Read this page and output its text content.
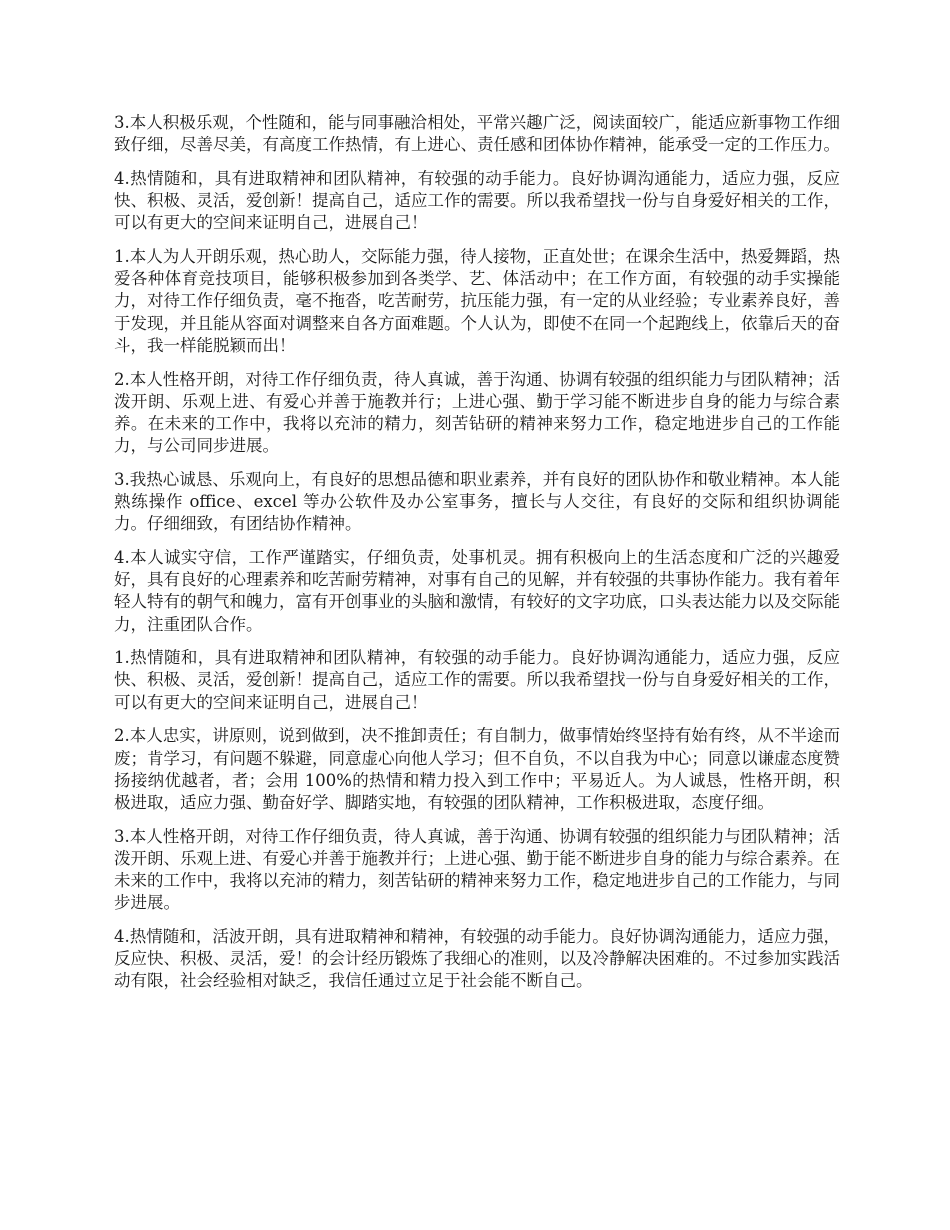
3.本人积极乐观，个性随和，能与同事融洽相处，平常兴趣广泛，阅读面较广，能适应新事物工作细致仔细，尽善尽美，有高度工作热情，有上进心、责任感和团体协作精神，能承受一定的工作压力。

4.热情随和，具有进取精神和团队精神，有较强的动手能力。良好协调沟通能力，适应力强，反应快、积极、灵活，爱创新！提高自己，适应工作的需要。所以我希望找一份与自身爱好相关的工作，可以有更大的空间来证明自己，进展自己！

1.本人为人开朗乐观，热心助人，交际能力强，待人接物，正直处世；在课余生活中，热爱舞蹈，热爱各种体育竞技项目，能够积极参加到各类学、艺、体活动中；在工作方面，有较强的动手实操能力，对待工作仔细负责，毫不拖沓，吃苦耐劳，抗压能力强，有一定的从业经验；专业素养良好，善于发现，并且能从容面对调整来自各方面难题。个人认为，即使不在同一个起跑线上，依靠后天的奋斗，我一样能脱颖而出！

2.本人性格开朗，对待工作仔细负责，待人真诚，善于沟通、协调有较强的组织能力与团队精神；活泼开朗、乐观上进、有爱心并善于施教并行；上进心强、勤于学习能不断进步自身的能力与综合素养。在未来的工作中，我将以充沛的精力，刻苦钻研的精神来努力工作，稳定地进步自己的工作能力，与公司同步进展。

3.我热心诚恳、乐观向上，有良好的思想品德和职业素养，并有良好的团队协作和敬业精神。本人能熟练操作 office、excel 等办公软件及办公室事务，擅长与人交往，有良好的交际和组织协调能力。仔细细致，有团结协作精神。

4.本人诚实守信，工作严谨踏实，仔细负责，处事机灵。拥有积极向上的生活态度和广泛的兴趣爱好，具有良好的心理素养和吃苦耐劳精神，对事有自己的见解，并有较强的共事协作能力。我有着年轻人特有的朝气和魄力，富有开创事业的头脑和激情，有较好的文字功底，口头表达能力以及交际能力，注重团队合作。

1.热情随和，具有进取精神和团队精神，有较强的动手能力。良好协调沟通能力，适应力强，反应快、积极、灵活，爱创新！提高自己，适应工作的需要。所以我希望找一份与自身爱好相关的工作，可以有更大的空间来证明自己，进展自己！

2.本人忠实，讲原则，说到做到，决不推卸责任；有自制力，做事情始终坚持有始有终，从不半途而废；肯学习，有问题不躲避，同意虚心向他人学习；但不自负，不以自我为中心；同意以谦虚态度赞扬接纳优越者，者；会用 100%的热情和精力投入到工作中；平易近人。为人诚恳，性格开朗，积极进取，适应力强、勤奋好学、脚踏实地，有较强的团队精神，工作积极进取，态度仔细。

3.本人性格开朗，对待工作仔细负责，待人真诚，善于沟通、协调有较强的组织能力与团队精神；活泼开朗、乐观上进、有爱心并善于施教并行；上进心强、勤于能不断进步自身的能力与综合素养。在未来的工作中，我将以充沛的精力，刻苦钻研的精神来努力工作，稳定地进步自己的工作能力，与同步进展。

4.热情随和，活波开朗，具有进取精神和精神，有较强的动手能力。良好协调沟通能力，适应力强，反应快、积极、灵活，爱！的会计经历锻炼了我细心的准则，以及冷静解决困难的。不过参加实践活动有限，社会经验相对缺乏，我信任通过立足于社会能不断自己。
